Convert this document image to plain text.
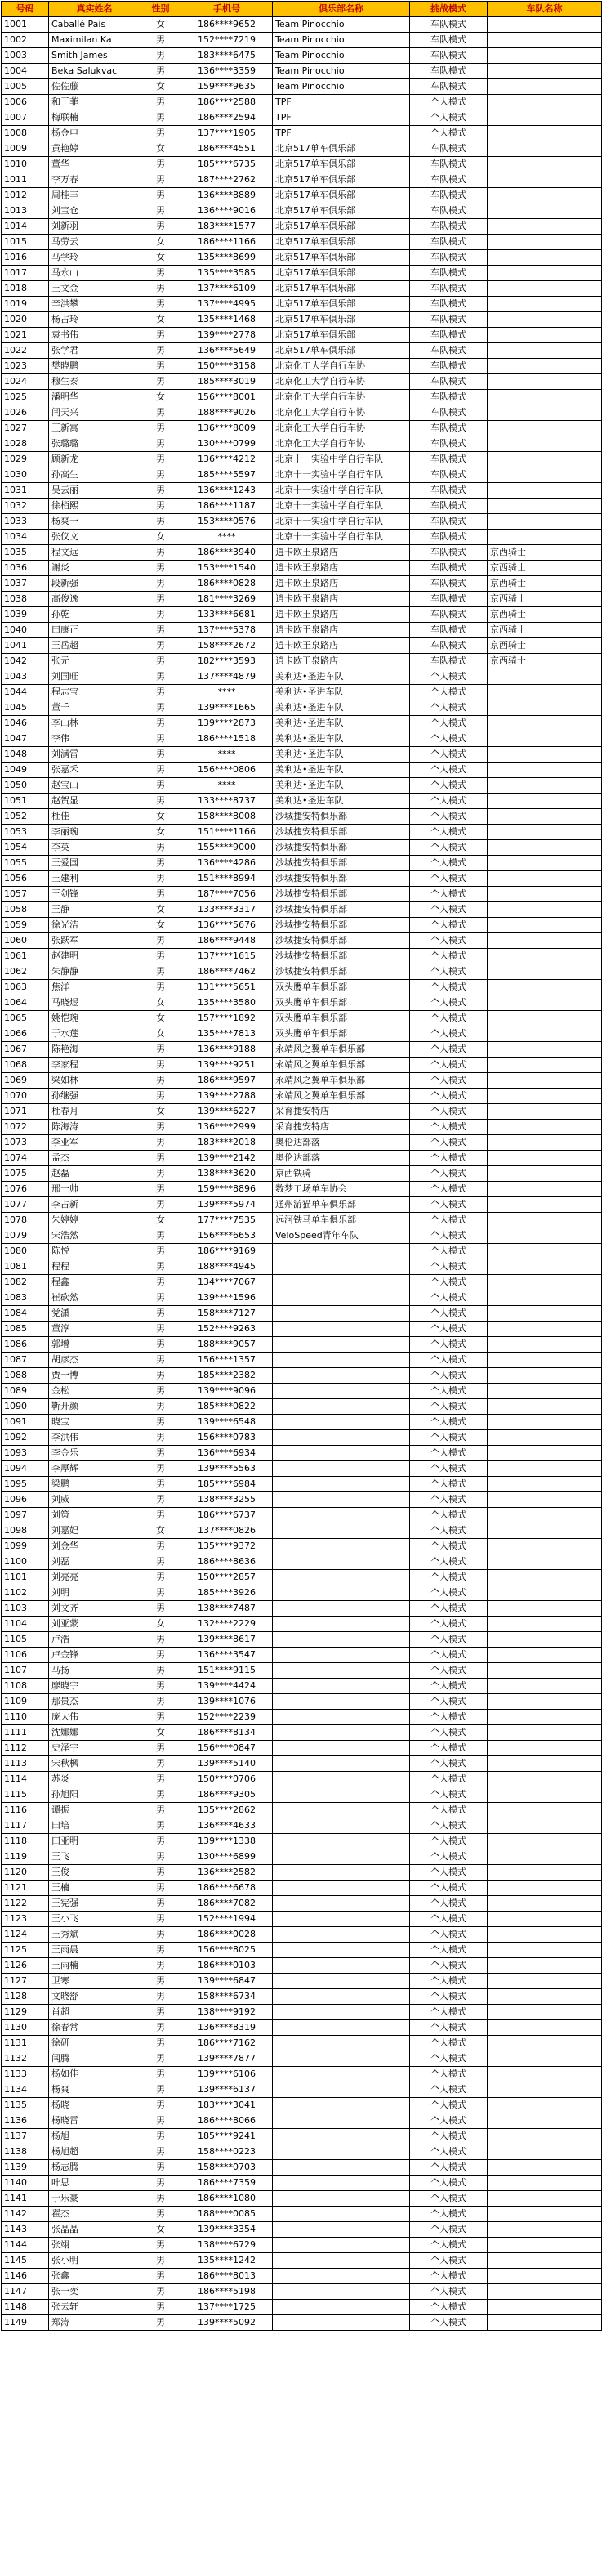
号码	真实姓名	性别	手机号	俱乐部名称	挑战模式	车队名称
1001	Caballé País	女	186****9652	Team Pinocchio	车队模式	
1002	Maximilan Ka	男	152****7219	Team Pinocchio	车队模式	
1003	Smith James	男	183****6475	Team Pinocchio	车队模式	
1004	Beka Salukvac	男	136****3359	Team Pinocchio	车队模式	
1005	佐佐藤	女	159****9635	Team Pinocchio	车队模式	
1006	和王菲	男	186****2588	TPF	个人模式	
1007	梅联楠	男	186****2594	TPF	个人模式	
1008	杨金申	男	137****1905	TPF	个人模式	
1009	黄艳婷	女	186****4551	北京517单车俱乐部	车队模式	
1010	董华	男	185****6735	北京517单车俱乐部	车队模式	
1011	李万春	男	187****2762	北京517单车俱乐部	车队模式	
1012	周桂丰	男	136****8889	北京517单车俱乐部	车队模式	
1013	刘宝仓	男	136****9016	北京517单车俱乐部	车队模式	
1014	刘新羽	男	183****1577	北京517单车俱乐部	车队模式	
1015	马劳云	女	186****1166	北京517单车俱乐部	车队模式	
1016	马学玲	女	135****8699	北京517单车俱乐部	车队模式	
1017	马永山	男	135****3585	北京517单车俱乐部	车队模式	
1018	王文金	男	137****6109	北京517单车俱乐部	车队模式	
1019	辛洪攀	男	137****4995	北京517单车俱乐部	车队模式	
1020	杨占玲	女	135****1468	北京517单车俱乐部	车队模式	
1021	袁书伟	男	139****2778	北京517单车俱乐部	车队模式	
1022	张学君	男	136****5649	北京517单车俱乐部	车队模式	
1023	樊晓鹏	男	150****3158	北京化工大学自行车协	车队模式	
1024	穆生泰	男	185****3019	北京化工大学自行车协	车队模式	
1025	潘明华	女	156****8001	北京化工大学自行车协	车队模式	
1026	闫天兴	男	188****9026	北京化工大学自行车协	车队模式	
1027	王新寓	男	136****8009	北京化工大学自行车协	车队模式	
1028	张璐璐	男	130****0799	北京化工大学自行车协	车队模式	
1029	顾新龙	男	136****4212	北京十一实验中学自行车队	车队模式	
1030	孙高生	男	185****5597	北京十一实验中学自行车队	车队模式	
1031	吴云丽	男	136****1243	北京十一实验中学自行车队	车队模式	
1032	徐栢熙	男	186****1187	北京十一实验中学自行车队	车队模式	
1033	杨爽一	男	153****0576	北京十一实验中学自行车队	车队模式	
1034	张仪文	女	****	北京十一实验中学自行车队	车队模式	
1035	程文远	男	186****3940	逍卡欧王泉路店	车队模式	京西骑士
1036	谢炎	男	153****1540	逍卡欧王泉路店	车队模式	京西骑士
1037	段新强	男	186****0828	逍卡欧王泉路店	车队模式	京西骑士
1038	高俊逸	男	181****3269	逍卡欧王泉路店	车队模式	京西骑士
1039	孙乾	男	133****6681	逍卡欧王泉路店	车队模式	京西骑士
1040	田康正	男	137****5378	逍卡欧王泉路店	车队模式	京西骑士
1041	王岳超	男	158****2672	逍卡欧王泉路店	车队模式	京西骑士
1042	张元	男	182****3593	逍卡欧王泉路店	车队模式	京西骑士
1043	刘国旺	男	137****4879	美利达•圣进车队	个人模式	
1044	程志宝	男	****	美利达•圣进车队	个人模式	
1045	董千	男	139****1665	美利达•圣进车队	个人模式	
1046	李山林	男	139****2873	美利达•圣进车队	个人模式	
1047	李伟	男	186****1518	美利达•圣进车队	个人模式	
1048	刘满雷	男	****	美利达•圣进车队	个人模式	
1049	张嘉禾	男	156****0806	美利达•圣进车队	个人模式	
1050	赵宝山	男	****	美利达•圣进车队	个人模式	
1051	赵贺显	男	133****8737	美利达•圣进车队	个人模式	
1052	杜佳	女	158****8008	沙城捷安特俱乐部	个人模式	
1053	李丽琬	女	151****1166	沙城捷安特俱乐部	个人模式	
1054	李英	男	155****9000	沙城捷安特俱乐部	个人模式	
1055	王爱国	男	136****4286	沙城捷安特俱乐部	个人模式	
1056	王建利	男	151****8994	沙城捷安特俱乐部	个人模式	
1057	王剑锋	男	187****7056	沙城捷安特俱乐部	个人模式	
1058	王静	女	133****3317	沙城捷安特俱乐部	个人模式	
1059	徐光洁	女	136****5676	沙城捷安特俱乐部	个人模式	
1060	张跃军	男	186****9448	沙城捷安特俱乐部	个人模式	
1061	赵建明	男	137****1615	沙城捷安特俱乐部	个人模式	
1062	朱静静	男	186****7462	沙城捷安特俱乐部	个人模式	
1063	焦洋	男	131****5651	双头鹰单车俱乐部	个人模式	
1064	马晓煜	女	135****3580	双头鹰单车俱乐部	个人模式	
1065	姚恺琬	女	157****1892	双头鹰单车俱乐部	个人模式	
1066	于水莲	女	135****7813	双头鹰单车俱乐部	个人模式	
1067	陈艳海	男	136****9188	永靖风之翼单车俱乐部	个人模式	
1068	李家程	男	139****9251	永靖风之翼单车俱乐部	个人模式	
1069	梁如林	男	186****9597	永靖风之翼单车俱乐部	个人模式	
1070	孙继强	男	139****2788	永靖风之翼单车俱乐部	个人模式	
1071	杜春月	女	139****6227	采育捷安特店	个人模式	
1072	陈海涛	男	136****2999	采育捷安特店	个人模式	
1073	李亚军	男	183****2018	奥伦达部落	个人模式	
1074	孟杰	男	139****2142	奥伦达部落	个人模式	
1075	赵磊	男	138****3620	京西铁骑	个人模式	
1076	邢一帅	男	159****8896	数梦工场单车协会	个人模式	
1077	李占新	男	139****5974	通州游猫单车俱乐部	个人模式	
1078	朱婷婷	女	177****7535	远河铁马单车俱乐部	个人模式	
1079	宋浩然	男	156****6653	VeloSpeed青年车队	个人模式	
1080	陈悦	男	186****9169		个人模式	
1081	程程	男	188****4945		个人模式	
1082	程鑫	男	134****7067		个人模式	
1083	崔砍然	男	139****1596		个人模式	
1084	党潇	男	158****7127		个人模式	
1085	董淳	男	152****9263		个人模式	
1086	郭增	男	188****9057		个人模式	
1087	胡彦杰	男	156****1357		个人模式	
1088	贾一博	男	185****2382		个人模式	
1089	金松	男	139****9096		个人模式	
1090	靳开颜	男	185****0822		个人模式	
1091	晓宝	男	139****6548		个人模式	
1092	李洪伟	男	156****0783		个人模式	
1093	李金乐	男	136****6934		个人模式	
1094	李厚辉	男	139****5563		个人模式	
1095	梁鹏	男	185****6984		个人模式	
1096	刘威	男	138****3255		个人模式	
1097	刘策	男	186****6737		个人模式	
1098	刘嘉妃	女	137****0826		个人模式	
1099	刘金华	男	135****9372		个人模式	
1100	刘磊	男	186****8636		个人模式	
1101	刘亮亮	男	150****2857		个人模式	
1102	刘明	男	185****3926		个人模式	
1103	刘文齐	男	138****7487		个人模式	
1104	刘亚蒙	女	132****2229		个人模式	
1105	卢浩	男	139****8617		个人模式	
1106	卢金锋	男	136****3547		个人模式	
1107	马扬	男	151****9115		个人模式	
1108	廖晓宇	男	139****4424		个人模式	
1109	那贵杰	男	139****1076		个人模式	
1110	庞大伟	男	152****2239		个人模式	
1111	沈娜娜	女	186****8134		个人模式	
1112	史泽宇	男	156****0847		个人模式	
1113	宋秋枫	男	139****5140		个人模式	
1114	苏炎	男	150****0706		个人模式	
1115	孙旭阳	男	186****9305		个人模式	
1116	谭振	男	135****2862		个人模式	
1117	田培	男	136****4633		个人模式	
1118	田亚明	男	139****1338		个人模式	
1119	王飞	男	130****6899		个人模式	
1120	王俊	男	136****2582		个人模式	
1121	王楠	男	186****6678		个人模式	
1122	王宪强	男	186****7082		个人模式	
1123	王小飞	男	152****1994		个人模式	
1124	王秀斌	男	186****0028		个人模式	
1125	王雨晨	男	156****8025		个人模式	
1126	王雨楠	男	186****0103		个人模式	
1127	卫寒	男	139****6847		个人模式	
1128	文晓舒	男	158****6734		个人模式	
1129	肖超	男	138****9192		个人模式	
1130	徐春常	男	136****8319		个人模式	
1131	徐研	男	186****7162		个人模式	
1132	闫腾	男	139****7877		个人模式	
1133	杨如佳	男	139****6106		个人模式	
1134	杨爽	男	139****6137		个人模式	
1135	杨晓	男	183****3041		个人模式	
1136	杨晓雷	男	186****8066		个人模式	
1137	杨旭	男	185****9241		个人模式	
1138	杨旭超	男	158****0223		个人模式	
1139	杨志腾	男	158****0703		个人模式	
1140	叶思	男	186****7359		个人模式	
1141	于乐豪	男	186****1080		个人模式	
1142	翟杰	男	188****0085		个人模式	
1143	张晶晶	女	139****3354		个人模式	
1144	张翊	男	138****6729		个人模式	
1145	张小明	男	135****1242		个人模式	
1146	张鑫	男	186****8013		个人模式	
1147	张一奕	男	186****5198		个人模式	
1148	张云轩	男	137****1725		个人模式	
1149	郑涛	男	139****5092		个人模式	
